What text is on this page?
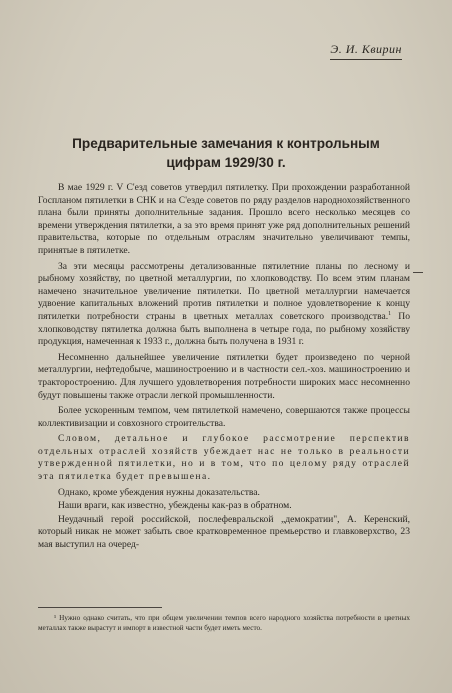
Э. И. Квирин
Предварительные замечания к контрольным
цифрам 1929/30 г.

В мае 1929 г. V С'езд советов утвердил пятилетку. При прохождении разработанной Госпланом пятилетки в СНК и на С'езде советов по ряду разделов народнохозяйственного плана были приняты дополнительные задания. Прошло всего несколько месяцев со времени утверждения пятилетки, а за это время принят уже ряд дополнительных решений правительства, которые по отдельным отраслям значительно увеличивают темпы, принятые в пятилетке.

За эти месяцы рассмотрены детализованные пятилетние планы по лесному и рыбному хозяйству, по цветной металлургии, по хлопководству. По всем этим планам намечено значительное увеличение пятилетки. По цветной металлургии намечается удвоение капитальных вложений против пятилетки и полное удовлетворение к концу пятилетки потребности страны в цветных металлах советского производства.$^1$ По хлопководству пятилетка должна быть выполнена в четыре года, по рыбному хозяйству продукция, намеченная к 1933 г., должна быть получена в 1931 г.

Несомненно дальнейшее увеличение пятилетки будет произведено по черной металлургии, нефтедобыче, машиностроению и в частности сел.-хоз. машиностроению и тракторостроению. Для лучшего удовлетворения потребности широких масс несомненно будут повышены также отрасли легкой промышленности.

Более ускоренным темпом, чем пятилеткой намечено, совершаются также процессы коллективизации и совхозного строительства.

Словом, детальное и глубокое рассмотрение перспектив отдельных отраслей хозяйств убеждает нас не только в реальности утвержденной пятилетки, но и в том, что по целому ряду отраслей эта пятилетка будет превышена.

Однако, кроме убеждения нужны доказательства.

Наши враги, как известно, убеждены как-раз в обратном.

Неудачный герой российской, послефевральской „демократии", А. Керенский, который никак не может забыть свое кратковременное премьерство и главковерхство, 23 мая выступил на очеред-

¹ Нужно однако считать, что при общем увеличении темпов всего народного хозяйства потребности в цветных металлах также вырастут и импорт в известной части будет иметь место.
